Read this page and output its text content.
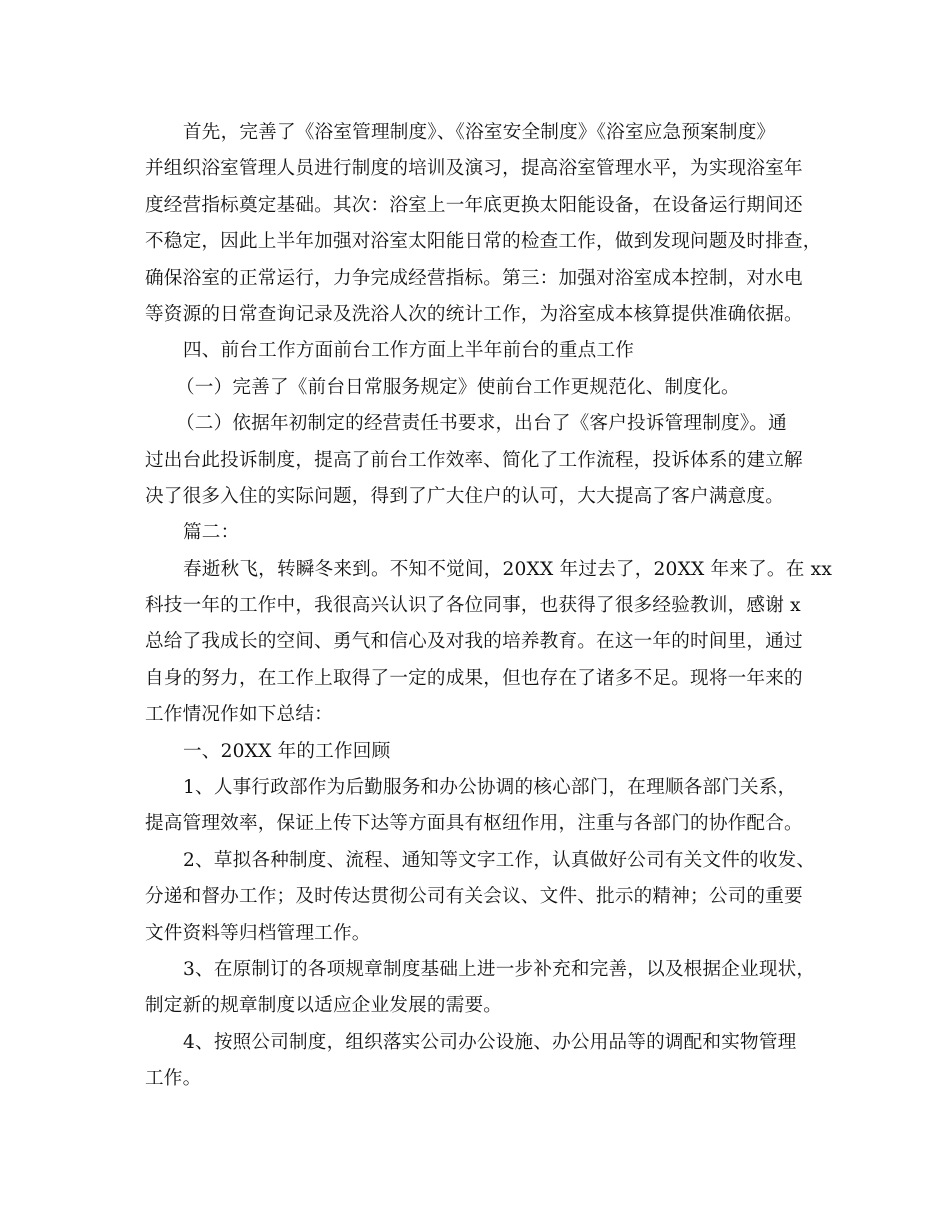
首先，完善了《浴室管理制度》、《浴室安全制度》《浴室应急预案制度》
并组织浴室管理人员进行制度的培训及演习，提高浴室管理水平，为实现浴室年
度经营指标奠定基础。其次：浴室上一年底更换太阳能设备，在设备运行期间还
不稳定，因此上半年加强对浴室太阳能日常的检查工作，做到发现问题及时排查，
确保浴室的正常运行，力争完成经营指标。第三：加强对浴室成本控制，对水电
等资源的日常查询记录及洗浴人次的统计工作，为浴室成本核算提供准确依据。
四、前台工作方面前台工作方面上半年前台的重点工作
（一）完善了《前台日常服务规定》使前台工作更规范化、制度化。
（二）依据年初制定的经营责任书要求，出台了《客户投诉管理制度》。通
过出台此投诉制度，提高了前台工作效率、简化了工作流程，投诉体系的建立解
决了很多入住的实际问题，得到了广大住户的认可，大大提高了客户满意度。
篇二：
春逝秋飞，转瞬冬来到。不知不觉间，20XX 年过去了，20XX 年来了。在 xx
科技一年的工作中，我很高兴认识了各位同事，也获得了很多经验教训，感谢 x
总给了我成长的空间、勇气和信心及对我的培养教育。在这一年的时间里，通过
自身的努力，在工作上取得了一定的成果，但也存在了诸多不足。现将一年来的
工作情况作如下总结：
一、20XX 年的工作回顾
1、人事行政部作为后勤服务和办公协调的核心部门，在理顺各部门关系，
提高管理效率，保证上传下达等方面具有枢纽作用，注重与各部门的协作配合。
2、草拟各种制度、流程、通知等文字工作，认真做好公司有关文件的收发、
分递和督办工作；及时传达贯彻公司有关会议、文件、批示的精神；公司的重要
文件资料等归档管理工作。
3、在原制订的各项规章制度基础上进一步补充和完善，以及根据企业现状，
制定新的规章制度以适应企业发展的需要。
4、按照公司制度，组织落实公司办公设施、办公用品等的调配和实物管理
工作。
